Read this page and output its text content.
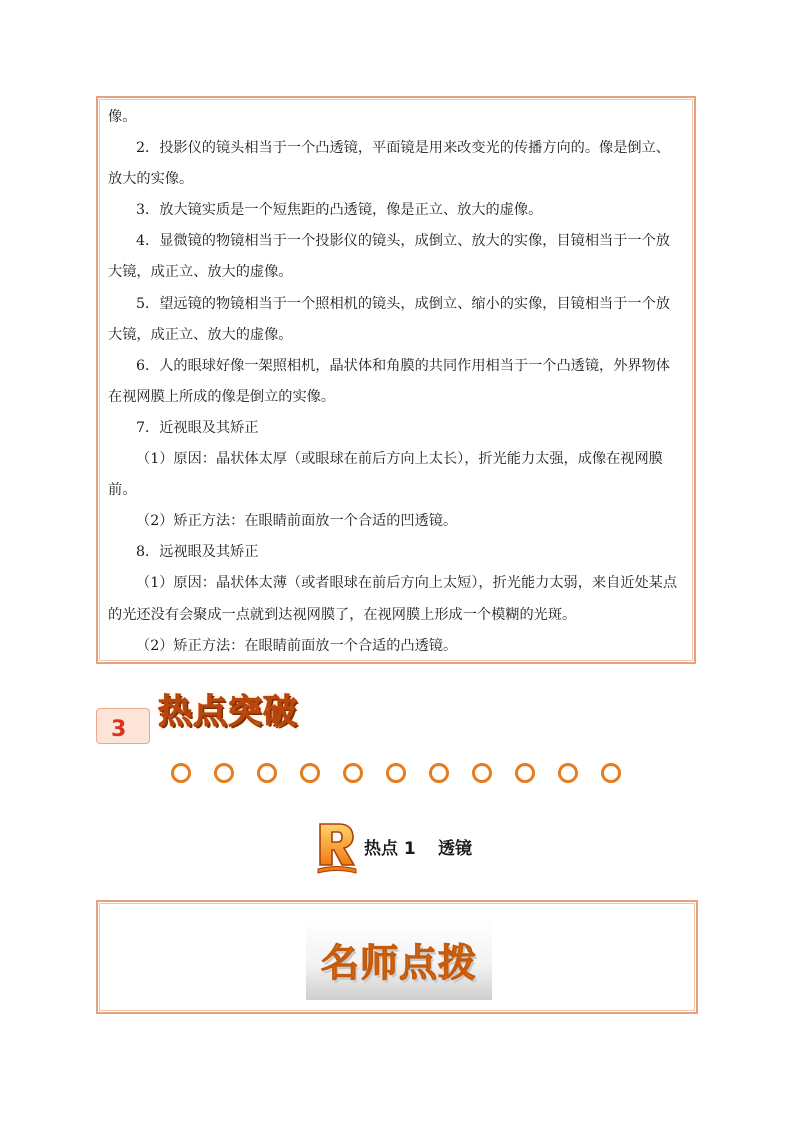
像。

2．投影仪的镜头相当于一个凸透镜，平面镜是用来改变光的传播方向的。像是倒立、放大的实像。

3．放大镜实质是一个短焦距的凸透镜，像是正立、放大的虚像。

4．显微镜的物镜相当于一个投影仪的镜头，成倒立、放大的实像，目镜相当于一个放大镜，成正立、放大的虚像。

5．望远镜的物镜相当于一个照相机的镜头，成倒立、缩小的实像，目镜相当于一个放大镜，成正立、放大的虚像。

6．人的眼球好像一架照相机，晶状体和角膜的共同作用相当于一个凸透镜，外界物体在视网膜上所成的像是倒立的实像。

7．近视眼及其矫正

（1）原因：晶状体太厚（或眼球在前后方向上太长），折光能力太强，成像在视网膜前。

（2）矫正方法：在眼睛前面放一个合适的凹透镜。

8．远视眼及其矫正

（1）原因：晶状体太薄（或者眼球在前后方向上太短），折光能力太弱，来自近处某点的光还没有会聚成一点就到达视网膜了，在视网膜上形成一个模糊的光斑。

（2）矫正方法：在眼睛前面放一个合适的凸透镜。

3 热点突破
热点 1 透镜
名师点拨
